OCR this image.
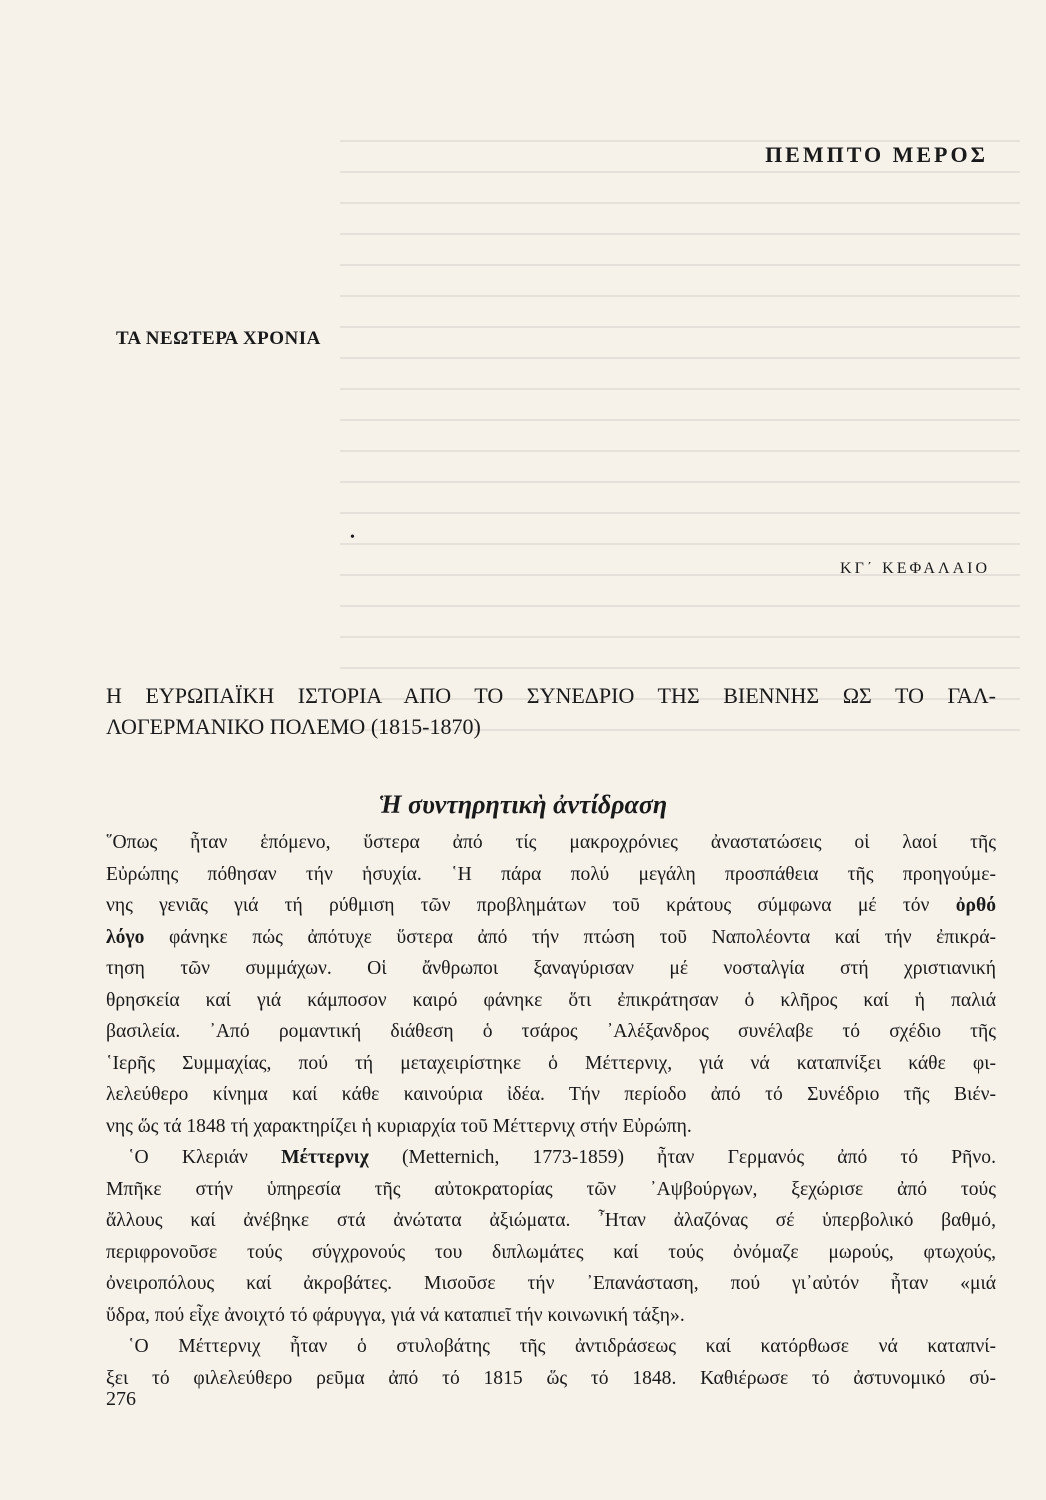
ΠΕΜΠΤΟ ΜΕΡΟΣ
ΤΑ ΝΕΩΤΕΡΑ ΧΡΟΝΙΑ
•

ΚΓ΄ ΚΕΦΑΛΑΙΟ

Η ΕΥΡΩΠΑΪΚΗ ΙΣΤΟΡΙΑ ΑΠΟ ΤΟ ΣΥΝΕΔΡΙΟ ΤΗΣ ΒΙΕΝΝΗΣ ΩΣ ΤΟ ΓΑΛ-
ΛΟΓΕΡΜΑΝΙΚΟ ΠΟΛΕΜΟ (1815-1870)
Ἡ συντηρητικὴ ἀντίδραση

῞Οπως ἦταν ἑπόμενο, ὕστερα ἀπό τίς μακροχρόνιες ἀναστατώσεις οἱ λαοί τῆς
Εὐρώπης πόθησαν τήν ἡσυχία. ῾Η πάρα πολύ μεγάλη προσπάθεια τῆς προηγούμε-
νης γενιᾶς γιά τή ρύθμιση τῶν προβλημάτων τοῦ κράτους σύμφωνα μέ τόν ὀρθό
λόγο φάνηκε πώς ἀπότυχε ὕστερα ἀπό τήν πτώση τοῦ Ναπολέοντα καί τήν ἐπικρά-
τηση τῶν συμμάχων. Οἱ ἄνθρωποι ξαναγύρισαν μέ νοσταλγία στή χριστιανική
θρησκεία καί γιά κάμποσον καιρό φάνηκε ὅτι ἐπικράτησαν ὁ κλῆρος καί ἡ παλιά
βασιλεία. ᾿Από ρομαντική διάθεση ὁ τσάρος ᾿Αλέξανδρος συνέλαβε τό σχέδιο τῆς
῾Ιερῆς Συμμαχίας, πού τή μεταχειρίστηκε ὁ Μέττερνιχ, γιά νά καταπνίξει κάθε φι-
λελεύθερο κίνημα καί κάθε καινούρια ἰδέα. Τήν περίοδο ἀπό τό Συνέδριο τῆς Βιέν-
νης ὥς τά 1848 τή χαρακτηρίζει ἡ κυριαρχία τοῦ Μέττερνιχ στήν Εὐρώπη.

῾Ο Κλεριάν Μέττερνιχ (Metternich, 1773-1859) ἦταν Γερμανός ἀπό τό Ρῆνο.
Μπῆκε στήν ὑπηρεσία τῆς αὐτοκρατορίας τῶν ᾿Αψβούργων, ξεχώρισε ἀπό τούς
ἄλλους καί ἀνέβηκε στά ἀνώτατα ἀξιώματα. ῏Ηταν ἀλαζόνας σέ ὑπερβολικό βαθμό,
περιφρονοῦσε τούς σύγχρονούς του διπλωμάτες καί τούς ὀνόμαζε μωρούς, φτωχούς,
ὀνειροπόλους καί ἀκροβάτες. Μισοῦσε τήν ᾿Επανάσταση, πού γι᾿αὐτόν ἦταν «μιά
ὕδρα, πού εἶχε ἀνοιχτό τό φάρυγγα, γιά νά καταπιεῖ τήν κοινωνική τάξη».

῾Ο Μέττερνιχ ἦταν ὁ στυλοβάτης τῆς ἀντιδράσεως καί κατόρθωσε νά καταπνί-
ξει τό φιλελεύθερο ρεῦμα ἀπό τό 1815 ὥς τό 1848. Καθιέρωσε τό ἀστυνομικό σύ-

276
